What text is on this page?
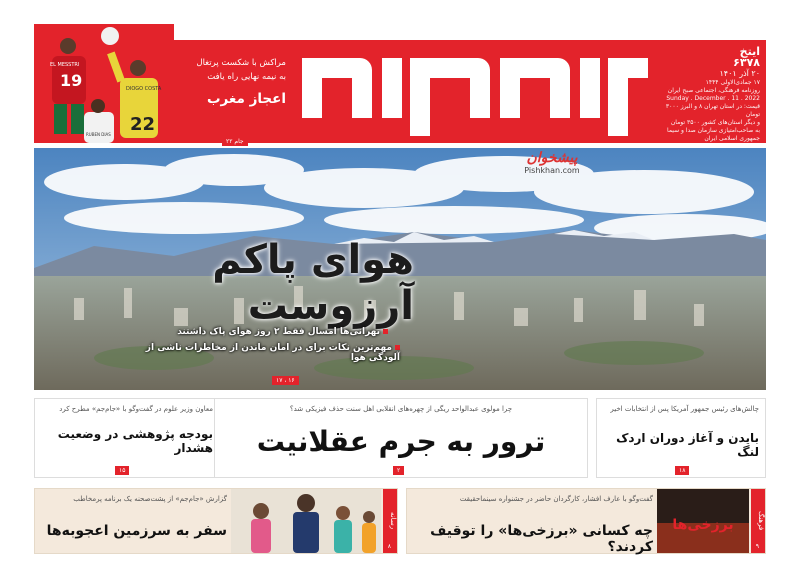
ایتخ
۶۳۷۸
۲۰ آذر ۱۴۰۱
۱۷ جمادی‌الاولی ۱۴۴۴
روزنامه فرهنگی، اجتماعی صبح ایران
Sunday . December . 11 . 2022
قیمت: در استان تهران ۸ و البرز ۳۰۰۰ تومان
و دیگر استان‌های کشور ۳۵۰۰ تومان
به صاحب‌امتیازی سازمان صدا و سیما جمهوری اسلامی ایران
19
EL MESSTRI
22
DIOGO COSTA
RUBEN DIAS
مراکش با شکست پرتغال
به نیمه نهایی راه یافت
اعجاز مغرب
جام ۲۲
پیشخوان
Pishkhan.com
هوای پاکم آرزوست
تهرانی‌ها امسال فقط ۲ روز هوای پاک داشتند
مهم‌ترین نکات برای در امان ماندن از مخاطرات ناشی از آلودگی هوا
۱۷ ، ۱۶
معاون وزیر علوم در گفت‌وگو با «جام‌جم» مطرح کرد
بودجه پژوهشی در وضعیت هشدار
۱۵
چرا مولوی عبدالواحد ریگی از چهره‌های انقلابی اهل سنت حذف فیزیکی شد؟
ترور به جرم عقلانیت
۲
چالش‌های رئیس جمهور آمریکا پس از انتخابات اخیر
بایدن و آغاز دوران اردک لنگ
۱۸
رسانه
گزارش «جام‌جم» از پشت‌صحنه یک برنامه پرمخاطب
سفر به سرزمین اعجوبه‌ها
۸
فرهنگ
برزخی‌ها
گفت‌وگو با عارف افشار، کارگردان حاضر در جشنواره سینما‌حقیقت
چه کسانی «برزخی‌ها» را توقیف کردند؟	۹
